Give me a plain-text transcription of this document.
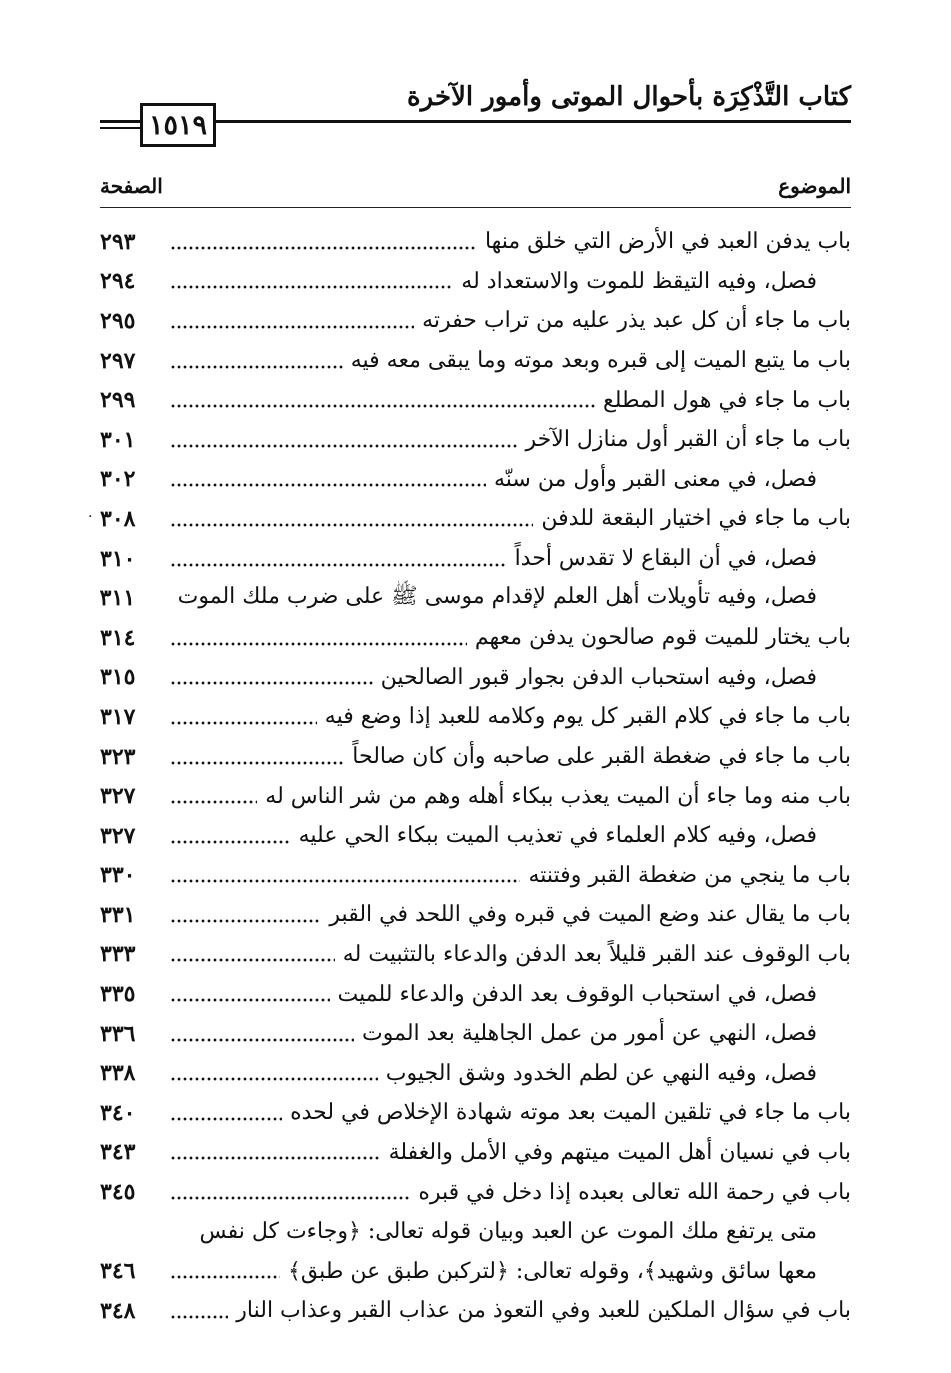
كتاب التَّذْكِرَة بأحوال الموتى وأمور الآخرة
١٥١٩
الموضوع
الصفحة
باب يدفن العبد في الأرض التي خلق منها
٢٩٣
فصل، وفيه التيقظ للموت والاستعداد له
٢٩٤
باب ما جاء أن كل عبد يذر عليه من تراب حفرته
٢٩٥
باب ما يتبع الميت إلى قبره وبعد موته وما يبقى معه فيه
٢٩٧
باب ما جاء في هول المطلع
٢٩٩
باب ما جاء أن القبر أول منازل الآخر
٣٠١
فصل، في معنى القبر وأول من سنّه
٣٠٢
باب ما جاء في اختيار البقعة للدفن
٣٠٨
فصل، في أن البقاع لا تقدس أحداً
٣١٠
فصل، وفيه تأويلات أهل العلم لإقدام موسى ﷺ على ضرب ملك الموت
٣١١
باب يختار للميت قوم صالحون يدفن معهم
٣١٤
فصل، وفيه استحباب الدفن بجوار قبور الصالحين
٣١٥
باب ما جاء في كلام القبر كل يوم وكلامه للعبد إذا وضع فيه
٣١٧
باب ما جاء في ضغطة القبر على صاحبه وأن كان صالحاً
٣٢٣
باب منه وما جاء أن الميت يعذب ببكاء أهله وهم من شر الناس له
٣٢٧
فصل، وفيه كلام العلماء في تعذيب الميت ببكاء الحي عليه
٣٢٧
باب ما ينجي من ضغطة القبر وفتنته
٣٣٠
باب ما يقال عند وضع الميت في قبره وفي اللحد في القبر
٣٣١
باب الوقوف عند القبر قليلاً بعد الدفن والدعاء بالتثبيت له
٣٣٣
فصل، في استحباب الوقوف بعد الدفن والدعاء للميت
٣٣٥
فصل، النهي عن أمور من عمل الجاهلية بعد الموت
٣٣٦
فصل، وفيه النهي عن لطم الخدود وشق الجيوب
٣٣٨
باب ما جاء في تلقين الميت بعد موته شهادة الإخلاص في لحده
٣٤٠
باب في نسيان أهل الميت ميتهم وفي الأمل والغفلة
٣٤٣
باب في رحمة الله تعالى بعبده إذا دخل في قبره
٣٤٥
متى يرتفع ملك الموت عن العبد وبيان قوله تعالى: ﴿وجاءت كل نفس
معها سائق وشهيد﴾، وقوله تعالى: ﴿لتركبن طبق عن طبق﴾
٣٤٦
باب في سؤال الملكين للعبد وفي التعوذ من عذاب القبر وعذاب النار
٣٤٨
·
